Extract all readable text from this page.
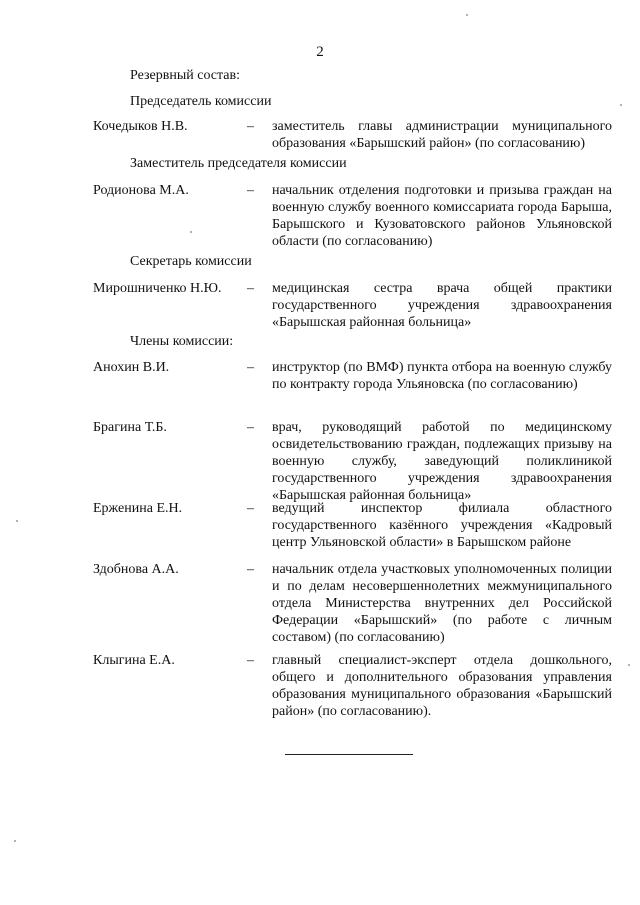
2
Резервный состав:
Председатель комиссии
Кочедыков Н.В.	– заместитель главы администрации муниципального образования «Барышский район» (по согласованию)
Заместитель председателя комиссии
Родионова М.А.	– начальник отделения подготовки и призыва граждан на военную службу военного комиссариата города Барыша, Барышского и Кузоватовского районов Ульяновской области (по согласованию)
Секретарь комиссии
Мирошниченко Н.Ю. – медицинская сестра врача общей практики государственного учреждения здравоохранения «Барышская районная больница»
Члены комиссии:
Анохин В.И.	– инструктор (по ВМФ) пункта отбора на военную службу по контракту города Ульяновска (по согласованию)
Брагина Т.Б.	– врач, руководящий работой по медицинскому освидетельствованию граждан, подлежащих призыву на военную службу, заведующий поликлиникой государственного учреждения здравоохранения «Барышская районная больница»
Ерженина Е.Н.	– ведущий инспектор филиала областного государственного казённого учреждения «Кадровый центр Ульяновской области» в Барышском районе
Здобнова А.А.	– начальник отдела участковых уполномоченных полиции и по делам несовершеннолетних межмуниципального отдела Министерства внутренних дел Российской Федерации «Барышский» (по работе с личным составом) (по согласованию)
Клыгина Е.А.	– главный специалист-эксперт отдела дошкольного, общего и дополнительного образования управления образования муниципального образования «Барышский район» (по согласованию).
